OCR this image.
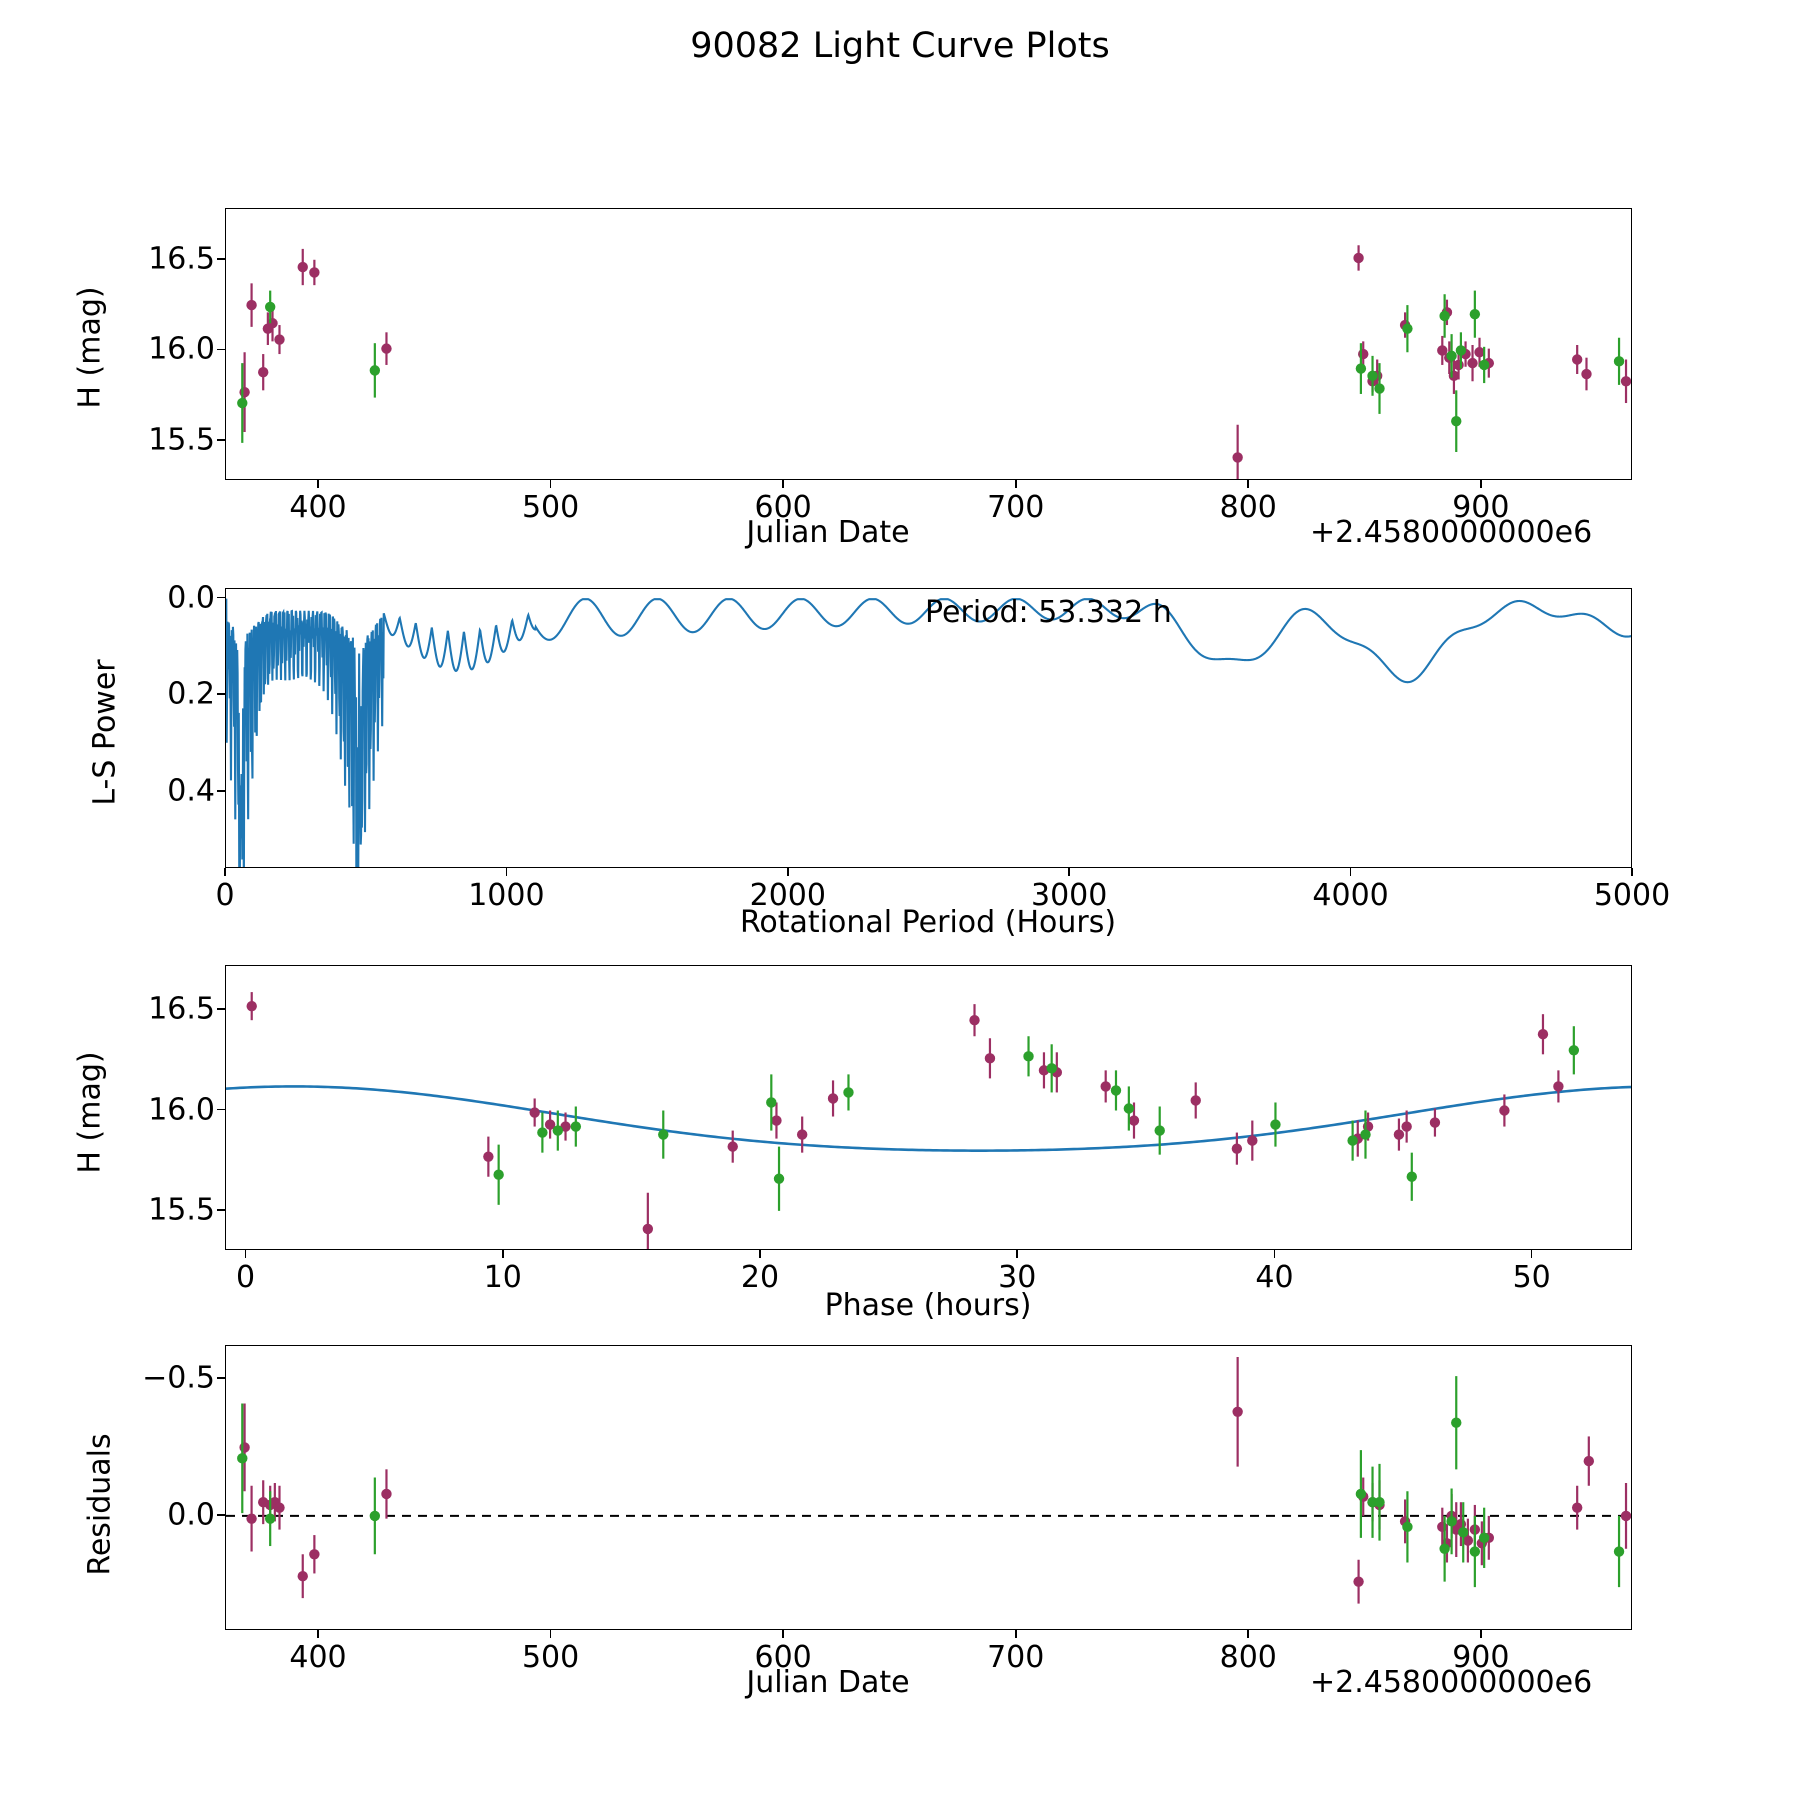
90082 Light Curve Plots
H (mag)
Julian Date	+2.4580000000e6
L-S Power
Rotational Period (Hours)
Period: 53.332 h
H (mag)
Phase (hours)
Residuals
Julian Date	+2.4580000000e6
400	500	600	700	800	900
15.5
16.0
16.5
0	1000	2000	3000	4000	5000
0.0
0.2
0.4
0	10	20	30	40	50
15.5
16.0
16.5
400	500	600	700	800	900
−0.5
0.0
